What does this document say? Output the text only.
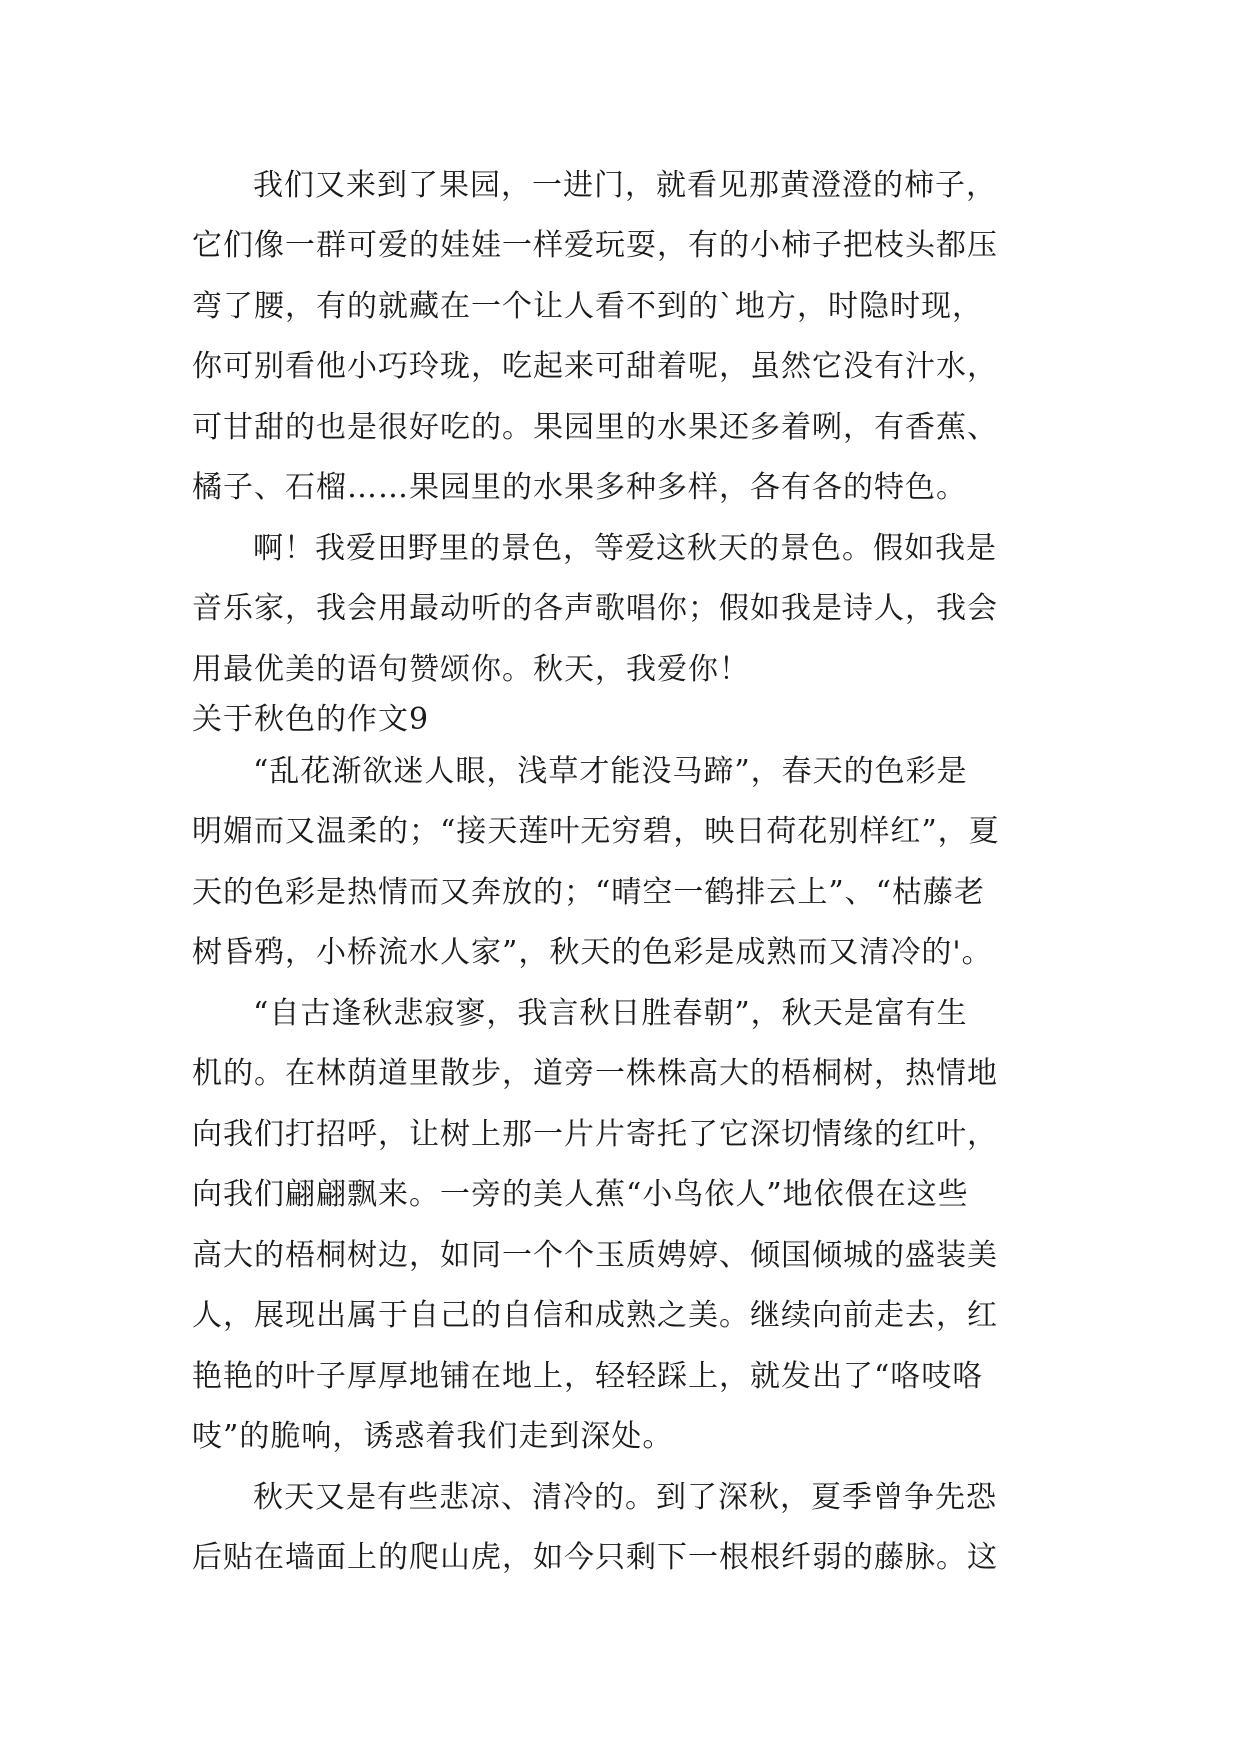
我们又来到了果园，一进门，就看见那黄澄澄的柿子，
它们像一群可爱的娃娃一样爱玩耍，有的小柿子把枝头都压
弯了腰，有的就藏在一个让人看不到的`地方，时隐时现，
你可别看他小巧玲珑，吃起来可甜着呢，虽然它没有汁水，
可甘甜的也是很好吃的。果园里的水果还多着咧，有香蕉、
橘子、石榴……果园里的水果多种多样，各有各的特色。
啊！我爱田野里的景色，等爱这秋天的景色。假如我是
音乐家，我会用最动听的各声歌唱你；假如我是诗人，我会
用最优美的语句赞颂你。秋天，我爱你！
关于秋色的作文9
“乱花渐欲迷人眼，浅草才能没马蹄”，春天的色彩是
明媚而又温柔的；“接天莲叶无穷碧，映日荷花别样红”，夏
天的色彩是热情而又奔放的；“晴空一鹤排云上”、“枯藤老
树昏鸦，小桥流水人家”，秋天的色彩是成熟而又清冷的'。
“自古逢秋悲寂寥，我言秋日胜春朝”，秋天是富有生
机的。在林荫道里散步，道旁一株株高大的梧桐树，热情地
向我们打招呼，让树上那一片片寄托了它深切情缘的红叶，
向我们翩翩飘来。一旁的美人蕉“小鸟依人”地依偎在这些
高大的梧桐树边，如同一个个玉质娉婷、倾国倾城的盛装美
人，展现出属于自己的自信和成熟之美。继续向前走去，红
艳艳的叶子厚厚地铺在地上，轻轻踩上，就发出了“咯吱咯
吱”的脆响，诱惑着我们走到深处。
秋天又是有些悲凉、清冷的。到了深秋，夏季曾争先恐
后贴在墙面上的爬山虎，如今只剩下一根根纤弱的藤脉。这
